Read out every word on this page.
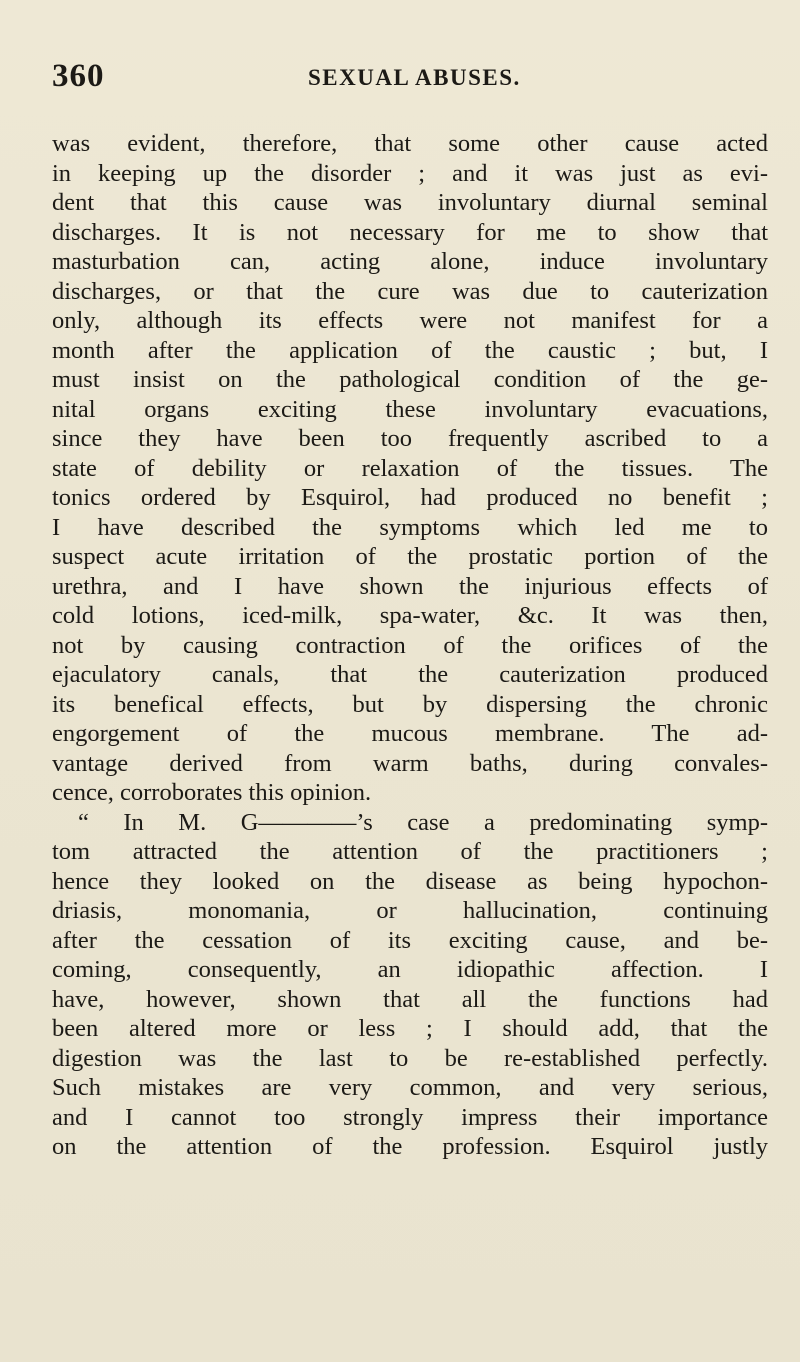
360	SEXUAL ABUSES.
was evident, therefore, that some other cause acted
in keeping up the disorder ; and it was just as evi-
dent that this cause was involuntary diurnal seminal
discharges. It is not necessary for me to show that
masturbation can, acting alone, induce involuntary
discharges, or that the cure was due to cauterization
only, although its effects were not manifest for a
month after the application of the caustic ; but, I
must insist on the pathological condition of the ge-
nital organs exciting these involuntary evacuations,
since they have been too frequently ascribed to a
state of debility or relaxation of the tissues. The
tonics ordered by Esquirol, had produced no benefit ;
I have described the symptoms which led me to
suspect acute irritation of the prostatic portion of the
urethra, and I have shown the injurious effects of
cold lotions, iced-milk, spa-water, &c. It was then,
not by causing contraction of the orifices of the
ejaculatory canals, that the cauterization produced
its benefical effects, but by dispersing the chronic
engorgement of the mucous membrane. The ad-
vantage derived from warm baths, during convales-
cence, corroborates this opinion.
“ In M. G————’s case a predominating symp-
tom attracted the attention of the practitioners ;
hence they looked on the disease as being hypochon-
driasis, monomania, or hallucination, continuing
after the cessation of its exciting cause, and be-
coming, consequently, an idiopathic affection. I
have, however, shown that all the functions had
been altered more or less ; I should add, that the
digestion was the last to be re-established perfectly.
Such mistakes are very common, and very serious,
and I cannot too strongly impress their importance
on the attention of the profession. Esquirol justly
